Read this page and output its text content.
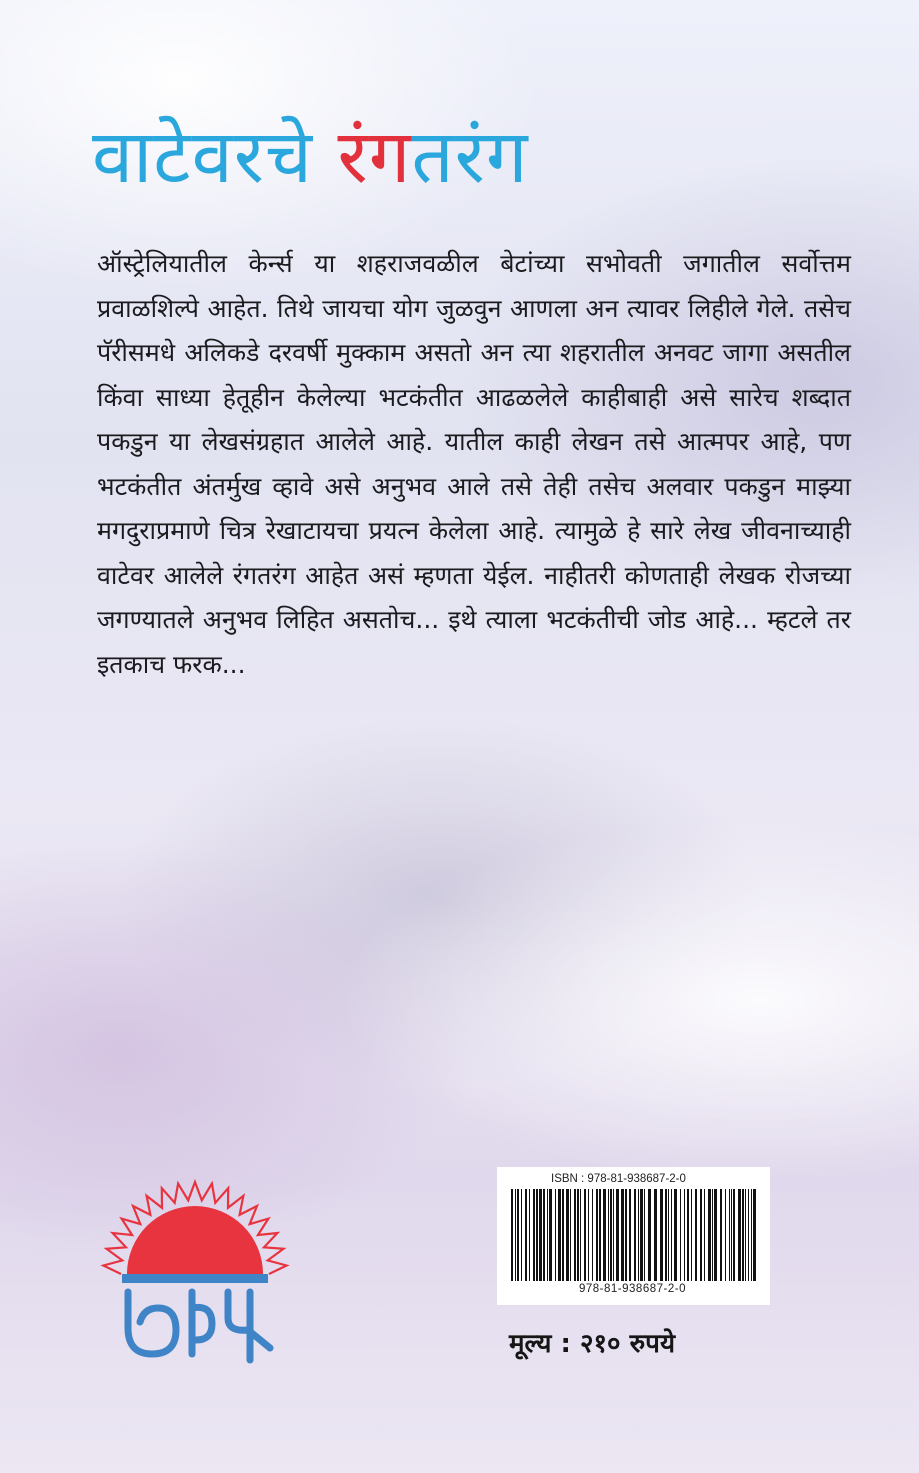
वाटेवरचे रंगतरंग

ऑस्ट्रेलियातील केर्न्स या शहराजवळील बेटांच्या सभोवती जगातील सर्वोत्तम प्रवाळशिल्पे आहेत. तिथे जायचा योग जुळवुन आणला अन त्यावर लिहीले गेले. तसेच पॅरीसमधे अलिकडे दरवर्षी मुक्काम असतो अन त्या शहरातील अनवट जागा असतील किंवा साध्या हेतूहीन केलेल्या भटकंतीत आढळलेले काहीबाही असे सारेच शब्दात पकडुन या लेखसंग्रहात आलेले आहे. यातील काही लेखन तसे आत्मपर आहे, पण भटकंतीत अंतर्मुख व्हावे असे अनुभव आले तसे तेही तसेच अलवार पकडुन माझ्या मगदुराप्रमाणे चित्र रेखाटायचा प्रयत्न केलेला आहे. त्यामुळे हे सारे लेख जीवनाच्याही वाटेवर आलेले रंगतरंग आहेत असं म्हणता येईल. नाहीतरी कोणताही लेखक रोजच्या जगण्यातले अनुभव लिहित असतोच... इथे त्याला भटकंतीची जोड आहे... म्हटले तर इतकाच फरक...

ISBN : 978-81-938687-2-0
978-81-938687-2-0
मूल्य : २१० रुपये
